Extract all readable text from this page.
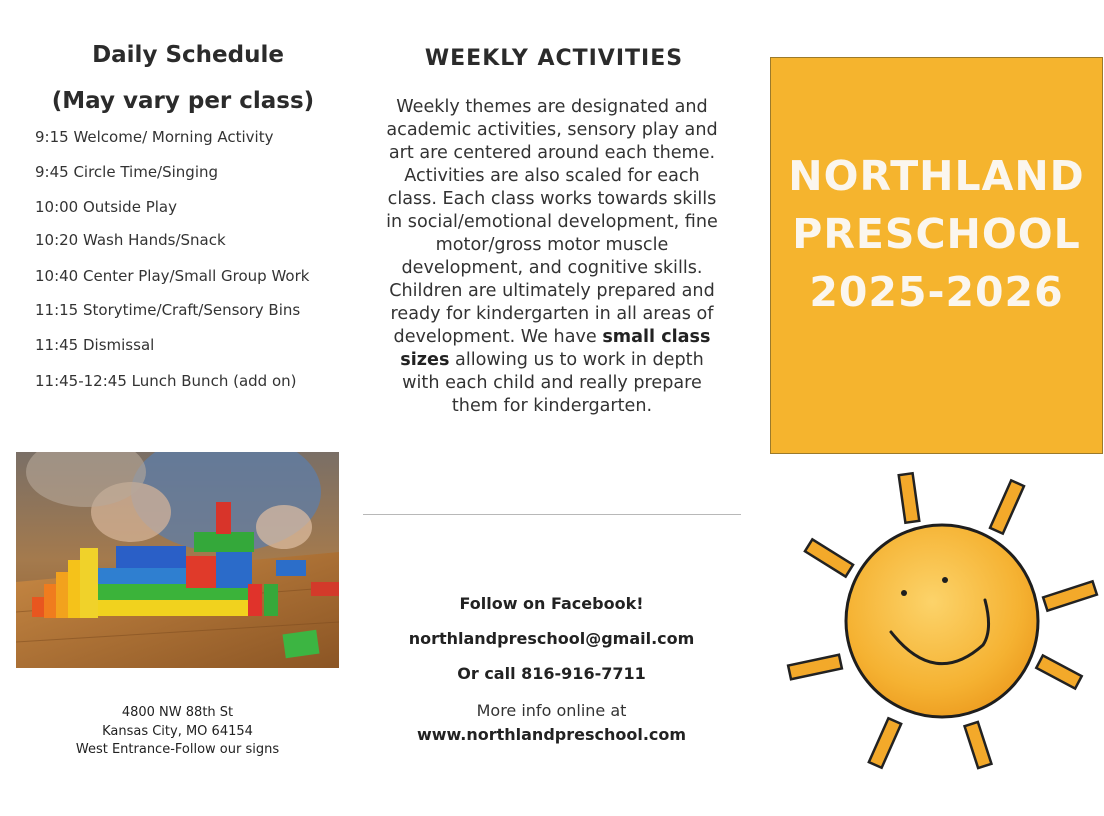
Daily Schedule
(May vary per class)
9:15 Welcome/ Morning Activity
9:45 Circle Time/Singing
10:00 Outside Play
10:20 Wash Hands/Snack
10:40 Center Play/Small Group Work
11:15 Storytime/Craft/Sensory Bins
11:45 Dismissal
11:45-12:45 Lunch Bunch (add on)
4800 NW 88th St
Kansas City, MO 64154
West Entrance-Follow our signs
WEEKLY ACTIVITIES

Weekly themes are designated and academic activities, sensory play and art are centered around each theme. Activities are also scaled for each class. Each class works towards skills in social/emotional development, fine motor/gross motor muscle development, and cognitive skills. Children are ultimately prepared and ready for kindergarten in all areas of development. We have small class sizes allowing us to work in depth with each child and really prepare them for kindergarten.

Follow on Facebook!
northlandpreschool@gmail.com
Or call 816-916-7711
More info online at
www.northlandpreschool.com
NORTHLAND
PRESCHOOL
2025-2026
